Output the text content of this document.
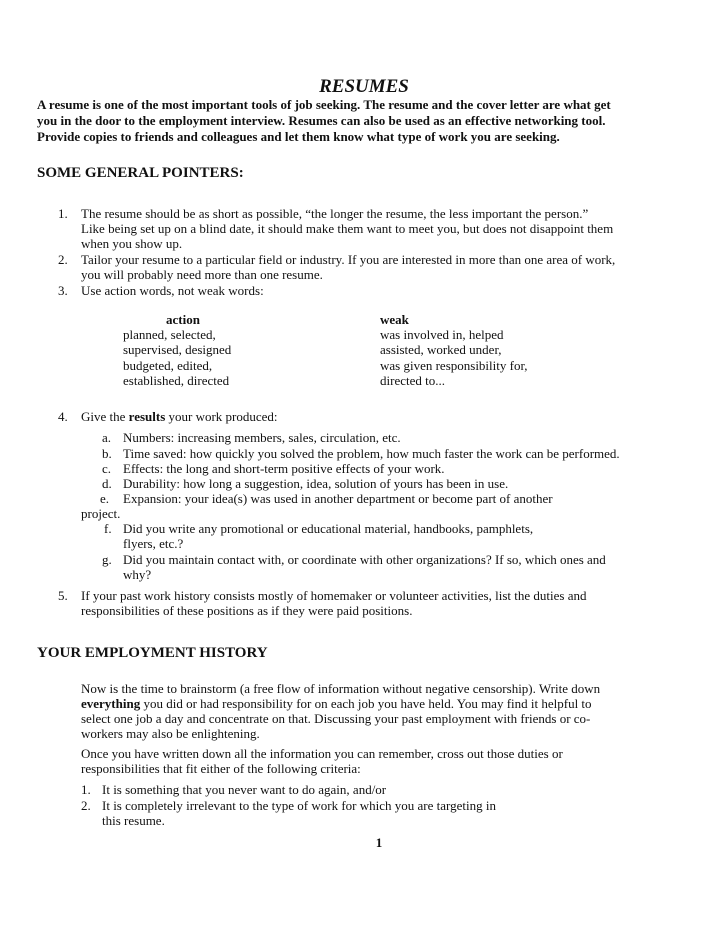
RESUMES
A resume is one of the most important tools of job seeking. The resume and the cover letter are what get
you in the door to the employment interview. Resumes can also be used as an effective networking tool.
Provide copies to friends and colleagues and let them know what type of work you are seeking.
SOME GENERAL POINTERS:
1. The resume should be as short as possible, “the longer the resume, the less important the person.”
Like being set up on a blind date, it should make them want to meet you, but does not disappoint them
when you show up.
2. Tailor your resume to a particular field or industry. If you are interested in more than one area of work,
you will probably need more than one resume.
3. Use action words, not weak words:
action	weak
planned, selected,	was involved in, helped
supervised, designed	assisted, worked under,
budgeted, edited,	was given responsibility for,
established, directed	directed to...
4. Give the results your work produced:
a. Numbers: increasing members, sales, circulation, etc.
b. Time saved: how quickly you solved the problem, how much faster the work can be performed.
c. Effects: the long and short-term positive effects of your work.
d. Durability: how long a suggestion, idea, solution of yours has been in use.
e. Expansion: your idea(s) was used in another department or become part of another
project.
f. Did you write any promotional or educational material, handbooks, pamphlets,
flyers, etc.?
g. Did you maintain contact with, or coordinate with other organizations? If so, which ones and
why?
5. If your past work history consists mostly of homemaker or volunteer activities, list the duties and
responsibilities of these positions as if they were paid positions.
YOUR EMPLOYMENT HISTORY
Now is the time to brainstorm (a free flow of information without negative censorship). Write down
everything you did or had responsibility for on each job you have held. You may find it helpful to
select one job a day and concentrate on that. Discussing your past employment with friends or co-
workers may also be enlightening.
Once you have written down all the information you can remember, cross out those duties or
responsibilities that fit either of the following criteria:
1. It is something that you never want to do again, and/or
2. It is completely irrelevant to the type of work for which you are targeting in
this resume.
1
